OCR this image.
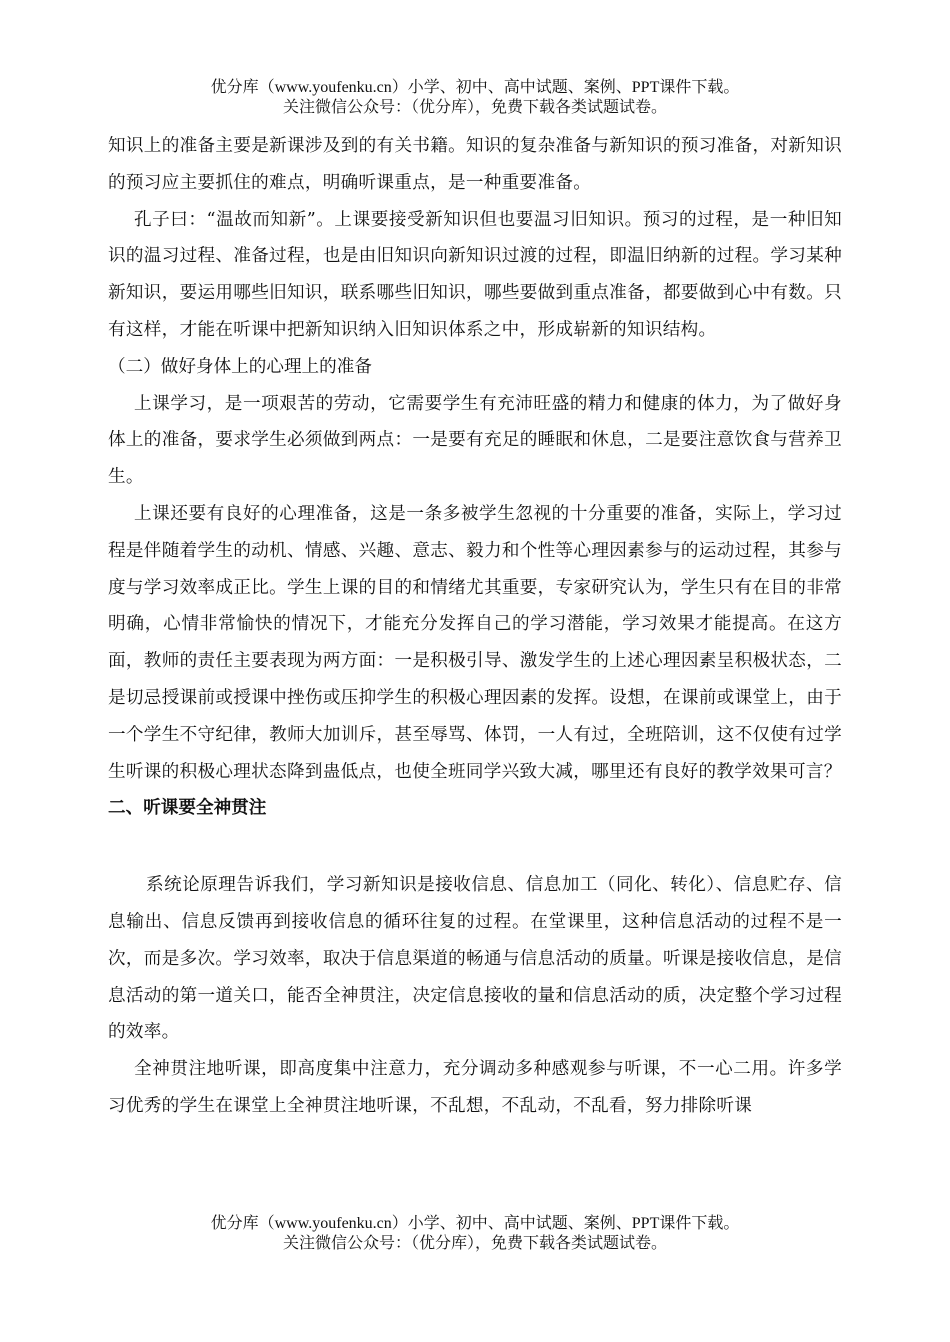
优分库（www.youfenku.cn）小学、初中、高中试题、案例、PPT课件下载。
关注微信公众号：（优分库），免费下载各类试题试卷。

知识上的准备主要是新课涉及到的有关书籍。知识的复杂准备与新知识的预习准备，对新知识的预习应主要抓住的难点，明确听课重点，是一种重要准备。

孔子曰：“温故而知新”。上课要接受新知识但也要温习旧知识。预习的过程，是一种旧知识的温习过程、准备过程，也是由旧知识向新知识过渡的过程，即温旧纳新的过程。学习某种新知识，要运用哪些旧知识，联系哪些旧知识，哪些要做到重点准备，都要做到心中有数。只有这样，才能在听课中把新知识纳入旧知识体系之中，形成崭新的知识结构。

（二）做好身体上的心理上的准备

上课学习，是一项艰苦的劳动，它需要学生有充沛旺盛的精力和健康的体力，为了做好身体上的准备，要求学生必须做到两点：一是要有充足的睡眠和休息，二是要注意饮食与营养卫生。

上课还要有良好的心理准备，这是一条多被学生忽视的十分重要的准备，实际上，学习过程是伴随着学生的动机、情感、兴趣、意志、毅力和个性等心理因素参与的运动过程，其参与度与学习效率成正比。学生上课的目的和情绪尤其重要，专家研究认为，学生只有在目的非常明确，心情非常愉快的情况下，才能充分发挥自己的学习潜能，学习效果才能提高。在这方面，教师的责任主要表现为两方面：一是积极引导、激发学生的上述心理因素呈积极状态，二是切忌授课前或授课中挫伤或压抑学生的积极心理因素的发挥。设想，在课前或课堂上，由于一个学生不守纪律，教师大加训斥，甚至辱骂、体罚，一人有过，全班陪训，这不仅使有过学生听课的积极心理状态降到蛊低点，也使全班同学兴致大减，哪里还有良好的教学效果可言？

二、听课要全神贯注

系统论原理告诉我们，学习新知识是接收信息、信息加工（同化、转化）、信息贮存、信息输出、信息反馈再到接收信息的循环往复的过程。在堂课里，这种信息活动的过程不是一次，而是多次。学习效率，取决于信息渠道的畅通与信息活动的质量。听课是接收信息，是信息活动的第一道关口，能否全神贯注，决定信息接收的量和信息活动的质，决定整个学习过程的效率。

全神贯注地听课，即高度集中注意力，充分调动多种感观参与听课，不一心二用。许多学习优秀的学生在课堂上全神贯注地听课，不乱想，不乱动，不乱看，努力排除听课

优分库（www.youfenku.cn）小学、初中、高中试题、案例、PPT课件下载。
关注微信公众号：（优分库），免费下载各类试题试卷。
